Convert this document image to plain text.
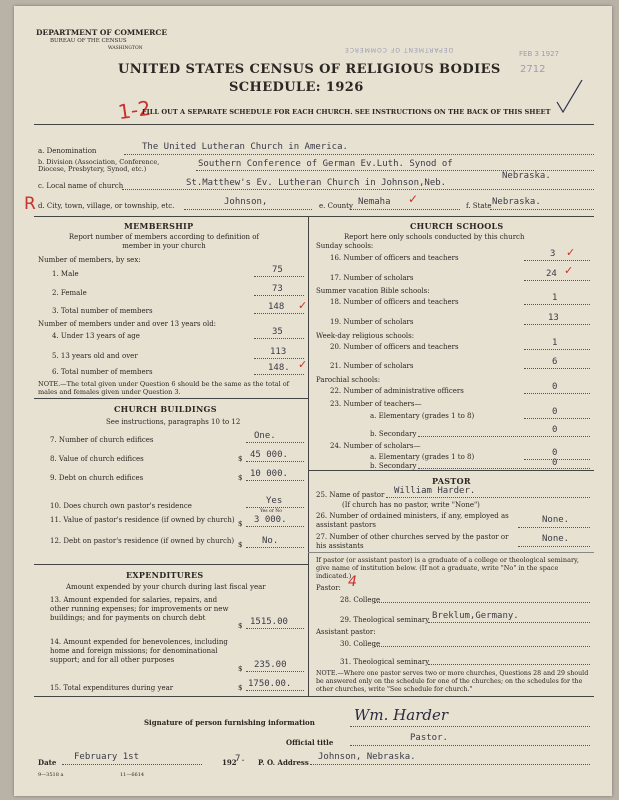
DEPARTMENT OF COMMERCE
BUREAU OF THE CENSUS
WASHINGTON	DEPARTMENT OF COMMERCE
FEB 3 1927
2712
UNITED STATES CENSUS OF RELIGIOUS BODIES
SCHEDULE: 1926
1-2
FILL OUT A SEPARATE SCHEDULE FOR EACH CHURCH. SEE INSTRUCTIONS ON THE BACK OF THIS SHEET
a. Denomination	The United Lutheran Church in America.
b. Division (Association, Conference, Diocese, Presbytery, Synod, etc.)	Southern Conference of German Ev.Luth. Synod of
c. Local name of church	St.Matthew's Ev. Lutheran Church in Johnson,Neb.
Nebraska.
R d. City, town, village, or township, etc.	Johnson,	e. County Nemaha ✓	f. State Nebraska.
MEMBERSHIP
Report number of members according to definition of member in your church
Number of members, by sex:
1. Male	75
2. Female	73
3. Total number of members	148 ✓
Number of members under and over 13 years old:
4. Under 13 years of age	35
5. 13 years old and over	113
6. Total number of members	148. ✓
NOTE.—The total given under Question 6 should be the same as the total of males and females given under Question 3.
CHURCH BUILDINGS
See instructions, paragraphs 10 to 12
7. Number of church edifices	One.
8. Value of church edifices	$ 45 000.
9. Debt on church edifices	$ 10 000.
10. Does church own pastor's residence	Yes
Yes or No
11. Value of pastor's residence (if owned by church) $ 3 000.
12. Debt on pastor's residence (if owned by church) $ No.
EXPENDITURES
Amount expended by your church during last fiscal year
13. Amount expended for salaries, repairs, and other running expenses; for improvements or new buildings; and for payments on church debt
$ 1515.00
14. Amount expended for benevolences, including home and foreign missions; for denominational support; and for all other purposes
$ 235.00
15. Total expenditures during year	$ 1750.00.
CHURCH SCHOOLS
Report here only schools conducted by this church
Sunday schools:
16. Number of officers and teachers	3 ✓
17. Number of scholars	24 ✓
Summer vacation Bible schools:
18. Number of officers and teachers	1
19. Number of scholars	13
Week-day religious schools:
20. Number of officers and teachers	1
21. Number of scholars	6
Parochial schools:
22. Number of administrative officers	0
23. Number of teachers—
a. Elementary (grades 1 to 8)	0
b. Secondary	0
24. Number of scholars—
a. Elementary (grades 1 to 8)	0
b. Secondary	0
PASTOR
25. Name of pastor William Harder.
(If church has no pastor, write "None")
26. Number of ordained ministers, if any, employed as assistant pastors	None.
27. Number of other churches served by the pastor or his assistants
None.
If pastor (or assistant pastor) is a graduate of a college or theological seminary, give name of institution below. (If not a graduate, write "No" in the space indicated.)
Pastor: 4
28. College
29. Theological seminary Breklum,Germany.
Assistant pastor:
30. College
31. Theological seminary
NOTE.—Where one pastor serves two or more churches, Questions 28 and 29 should be answered only on the schedule for one of the churches; on the schedules for the other churches, write "See schedule for church."
Signature of person furnishing information	Wm. Harder
Official title	Pastor.
Date
February 1st
192
7. P. O. Address
Johnson, Nebraska.
9—3518 a	11—6614
